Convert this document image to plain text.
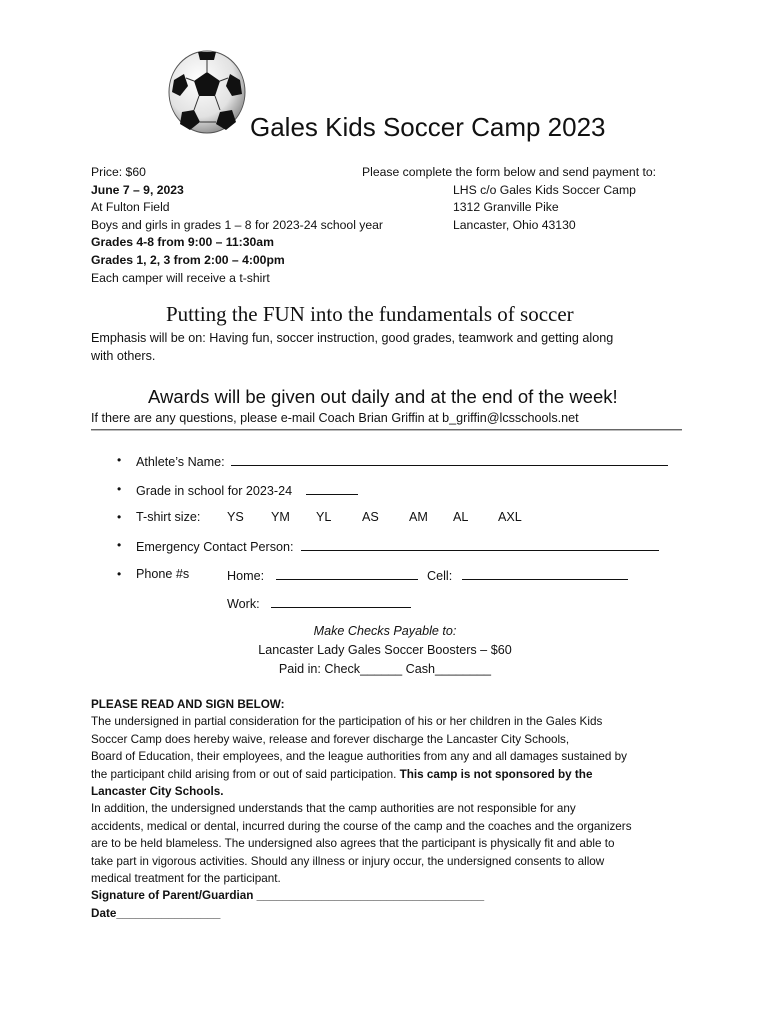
Gales Kids Soccer Camp 2023
Price: $60
June 7 – 9, 2023
At Fulton Field
Boys and girls in grades 1 – 8 for 2023-24 school year
Grades 4-8 from 9:00 – 11:30am
Grades 1, 2, 3 from 2:00 – 4:00pm
Each camper will receive a t-shirt
Please complete the form below and send payment to:
LHS c/o Gales Kids Soccer Camp
1312 Granville Pike
Lancaster, Ohio 43130
Putting the FUN into the fundamentals of soccer
Emphasis will be on: Having fun, soccer instruction, good grades, teamwork and getting along
with others.
Awards will be given out daily and at the end of the week!
If there are any questions, please e-mail Coach Brian Griffin at b_griffin@lcsschools.net
• Athlete’s Name:
• Grade in school for 2023-24
• T-shirt size: YS YM YL AS AM AL AXL
• Emergency Contact Person:
• Phone #s	Home:	Cell:
Work:
Make Checks Payable to:
Lancaster Lady Gales Soccer Boosters – $60
Paid in: Check______ Cash________
PLEASE READ AND SIGN BELOW:
The undersigned in partial consideration for the participation of his or her children in the Gales Kids
Soccer Camp does hereby waive, release and forever discharge the Lancaster City Schools,
Board of Education, their employees, and the league authorities from any and all damages sustained by
the participant child arising from or out of said participation. This camp is not sponsored by the
Lancaster City Schools.
In addition, the undersigned understands that the camp authorities are not responsible for any
accidents, medical or dental, incurred during the course of the camp and the coaches and the organizers
are to be held blameless. The undersigned also agrees that the participant is physically fit and able to
take part in vigorous activities. Should any illness or injury occur, the undersigned consents to allow
medical treatment for the participant.
Signature of Parent/Guardian ___________________________________
Date________________
